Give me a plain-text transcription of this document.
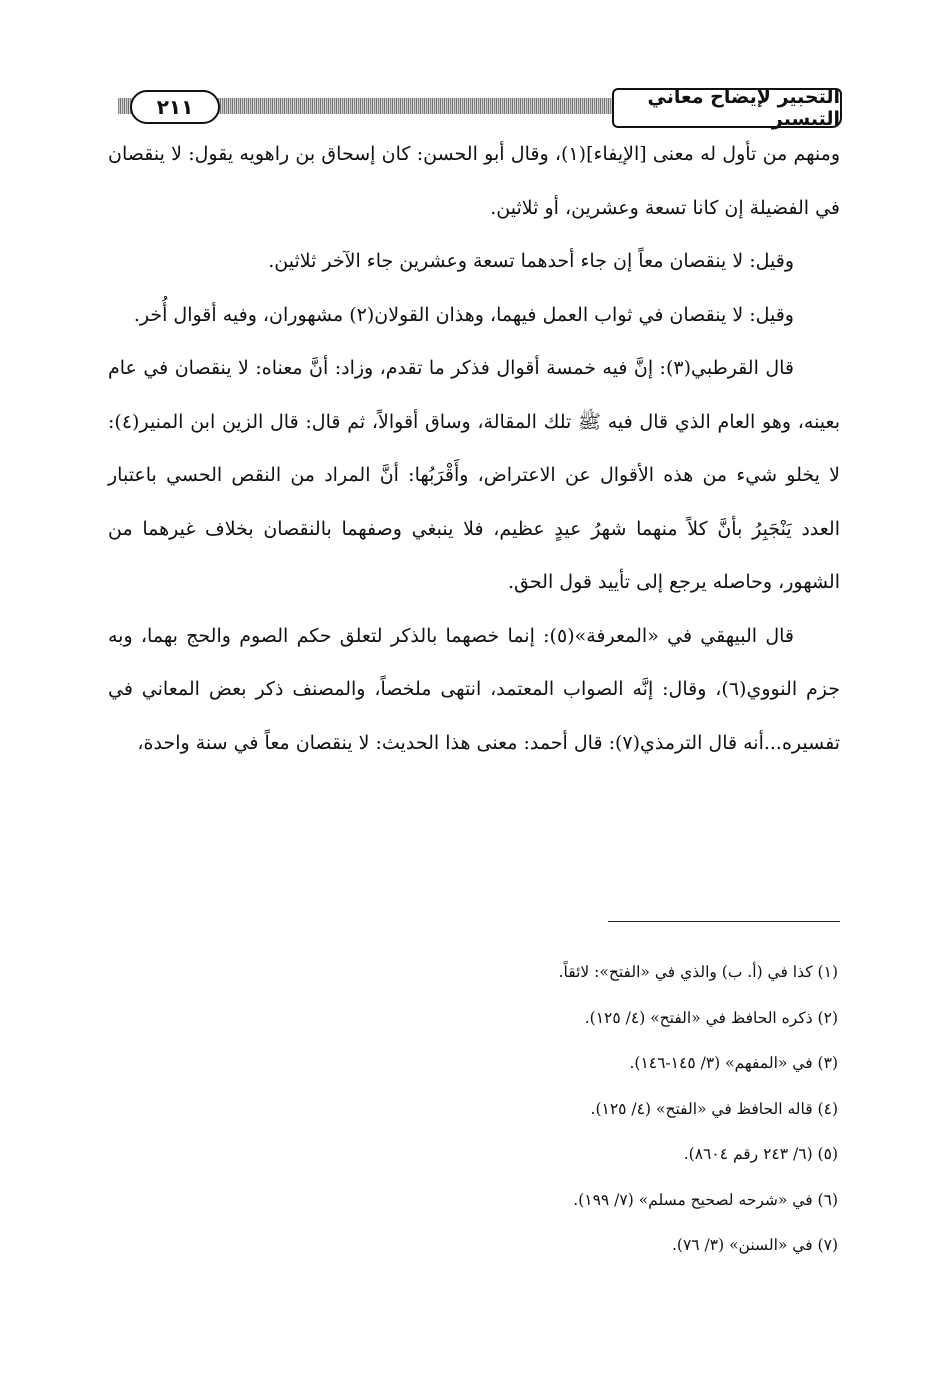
التحبير لإيضاح معاني التيسير
٢١١

ومنهم من تأول له معنى [الإيفاء](١)، وقال أبو الحسن: كان إسحاق بن راهويه يقول: لا ينقصان في الفضيلة إن كانا تسعة وعشرين، أو ثلاثين.

وقيل: لا ينقصان معاً إن جاء أحدهما تسعة وعشرين جاء الآخر ثلاثين.

وقيل: لا ينقصان في ثواب العمل فيهما، وهذان القولان(٢) مشهوران، وفيه أقوال أُخر.

قال القرطبي(٣): إنَّ فيه خمسة أقوال فذكر ما تقدم، وزاد: أنَّ معناه: لا ينقصان في عام بعينه، وهو العام الذي قال فيه ﷺ تلك المقالة، وساق أقوالاً، ثم قال: قال الزين ابن المنير(٤): لا يخلو شيء من هذه الأقوال عن الاعتراض، وأَقْرَبُها: أنَّ المراد من النقص الحسي باعتبار العدد يَنْجَبِرُ بأنَّ كلاً منهما شهرُ عيدٍ عظيم، فلا ينبغي وصفهما بالنقصان بخلاف غيرهما من الشهور، وحاصله يرجع إلى تأييد قول الحق.

قال البيهقي في «المعرفة»(٥): إنما خصهما بالذكر لتعلق حكم الصوم والحج بهما، وبه جزم النووي(٦)، وقال: إنَّه الصواب المعتمد، انتهى ملخصاً، والمصنف ذكر بعض المعاني في تفسيره...أنه قال الترمذي(٧): قال أحمد: معنى هذا الحديث: لا ينقصان معاً في سنة واحدة،

(١) كذا في (أ. ب) والذي في «الفتح»: لائقاً.
(٢) ذكره الحافظ في «الفتح» (٤/ ١٢٥).
(٣) في «المفهم» (٣/ ١٤٥-١٤٦).
(٤) قاله الحافظ في «الفتح» (٤/ ١٢٥).
(٥) (٦/ ٢٤٣ رقم ٨٦٠٤).
(٦) في «شرحه لصحيح مسلم» (٧/ ١٩٩).
(٧) في «السنن» (٣/ ٧٦).
